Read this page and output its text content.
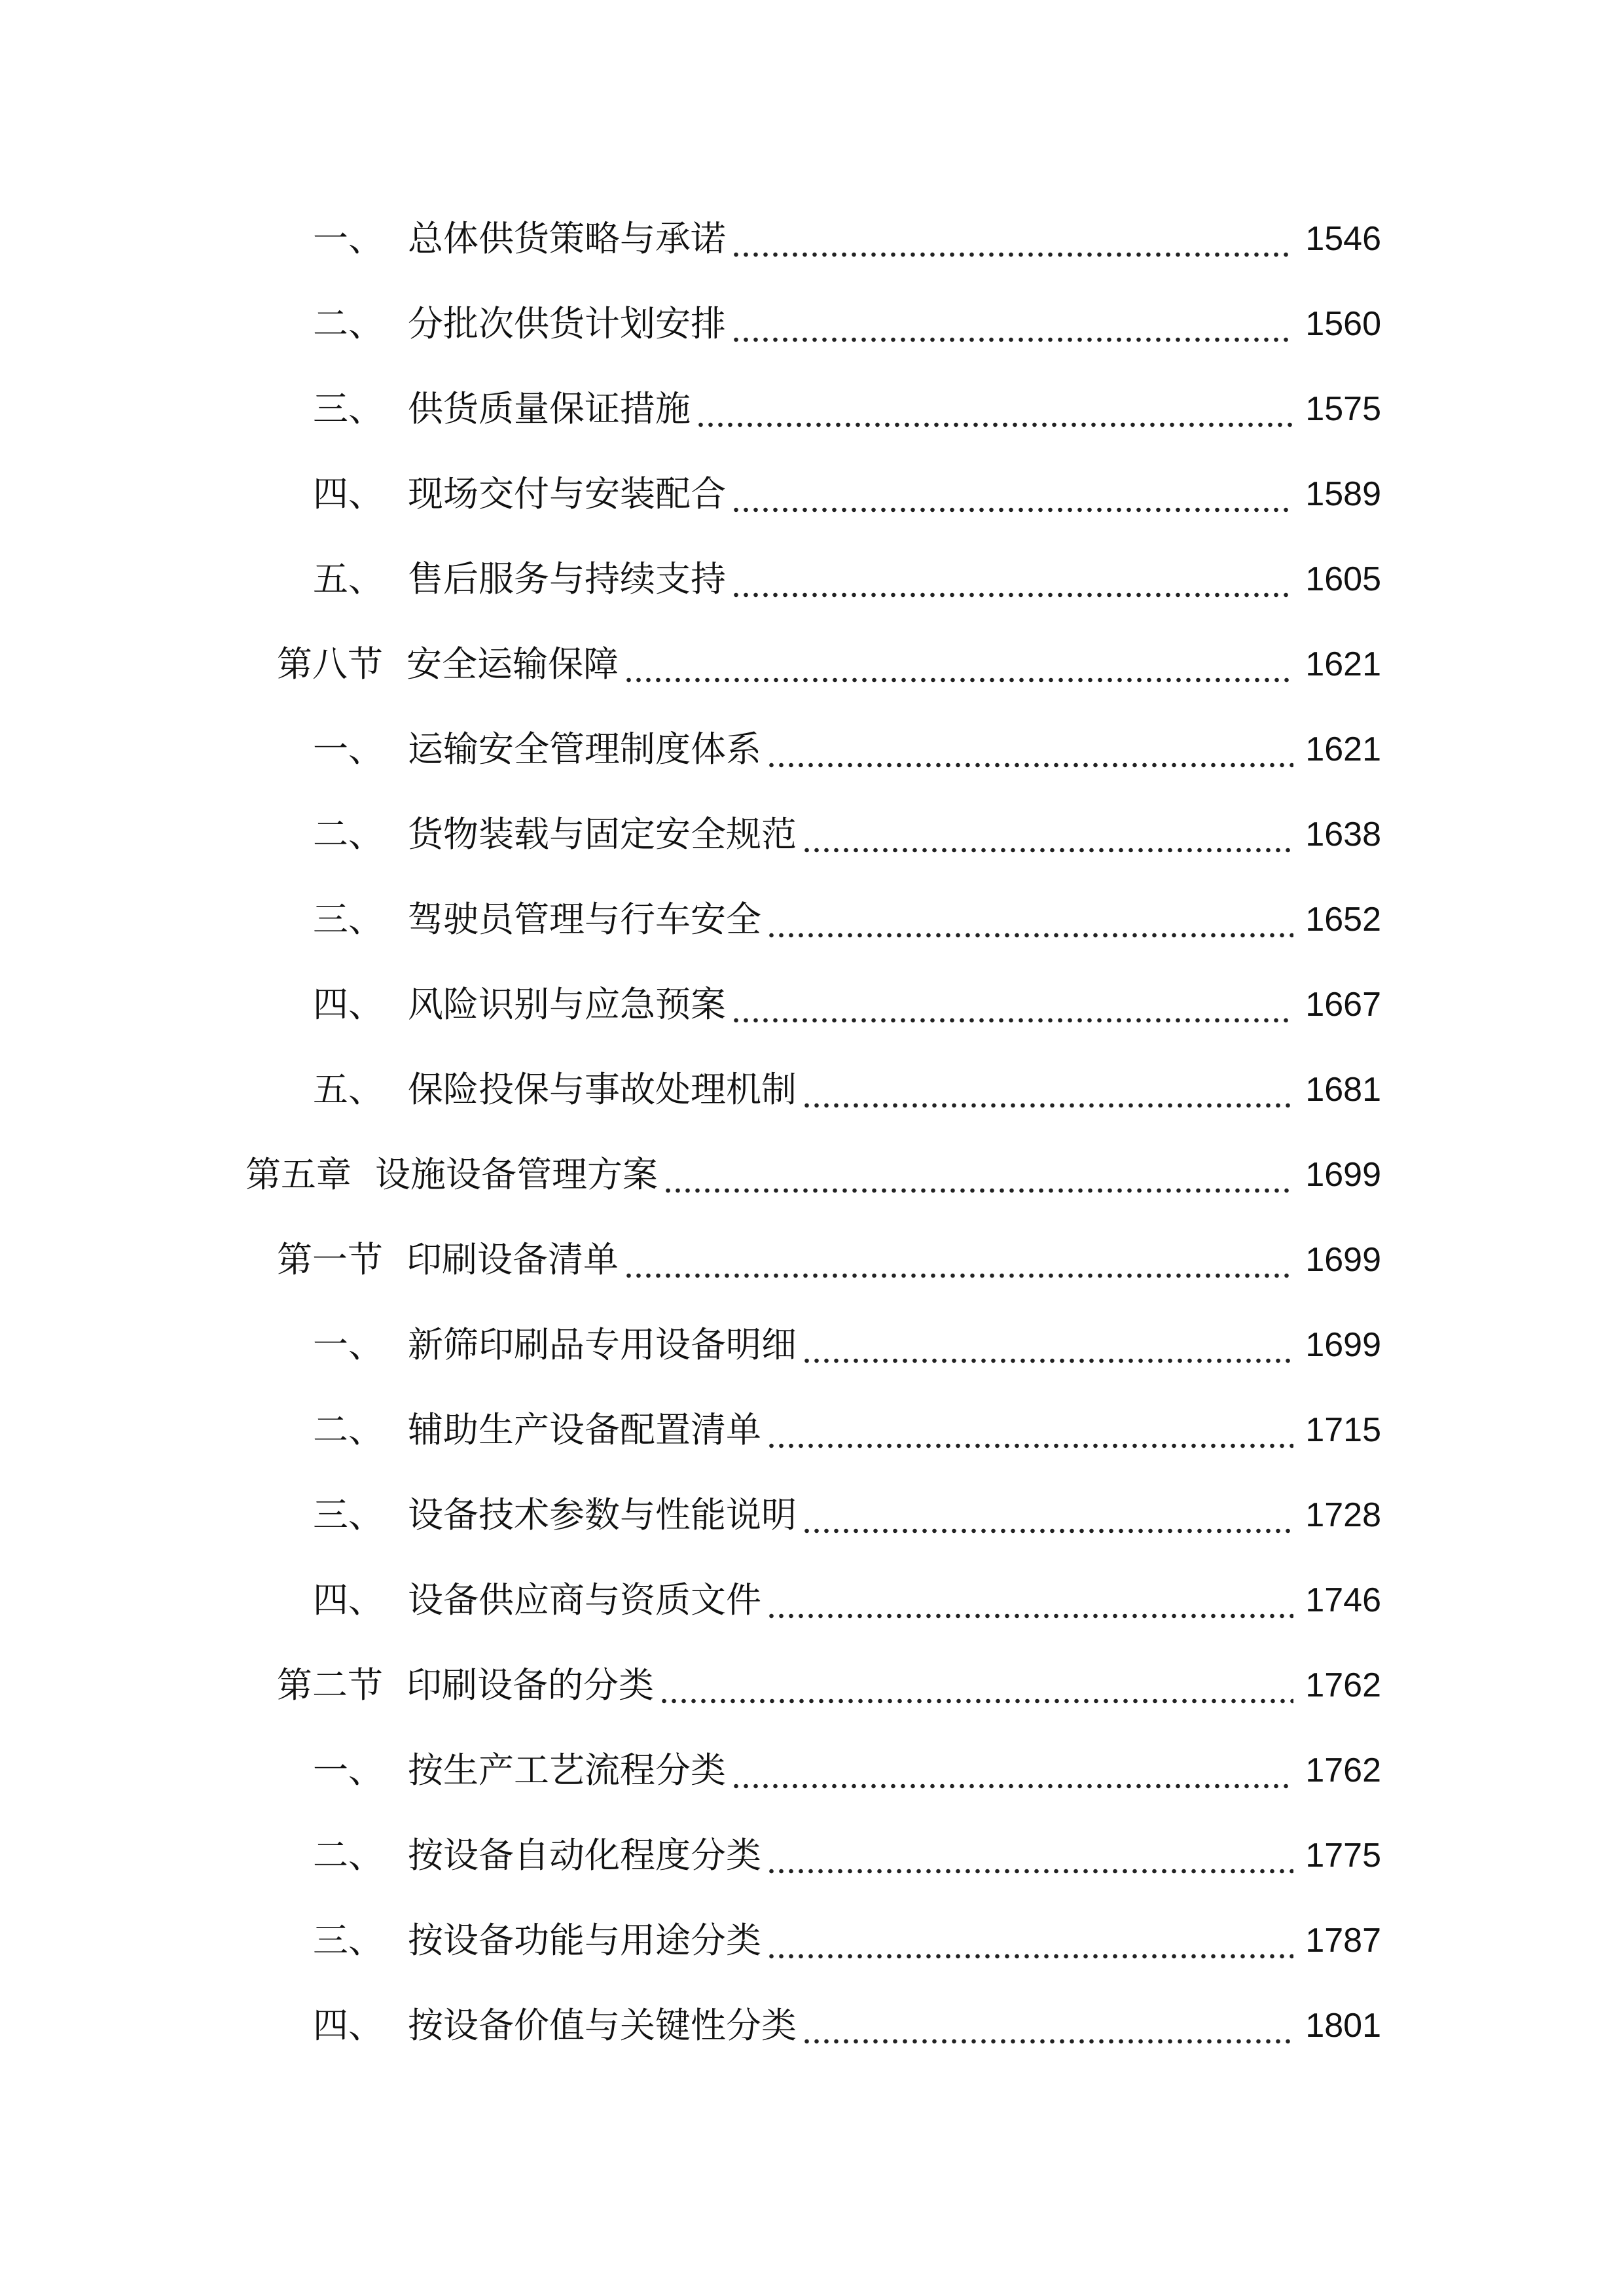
一、 总体供货策略与承诺	1546
二、 分批次供货计划安排	1560
三、 供货质量保证措施	1575
四、 现场交付与安装配合	1589
五、 售后服务与持续支持	1605
第八节 安全运输保障	1621
一、 运输安全管理制度体系	1621
二、 货物装载与固定安全规范	1638
三、 驾驶员管理与行车安全	1652
四、 风险识别与应急预案	1667
五、 保险投保与事故处理机制	1681
第五章 设施设备管理方案	1699
第一节 印刷设备清单	1699
一、 新筛印刷品专用设备明细	1699
二、 辅助生产设备配置清单	1715
三、 设备技术参数与性能说明	1728
四、 设备供应商与资质文件	1746
第二节 印刷设备的分类	1762
一、 按生产工艺流程分类	1762
二、 按设备自动化程度分类	1775
三、 按设备功能与用途分类	1787
四、 按设备价值与关键性分类	1801
